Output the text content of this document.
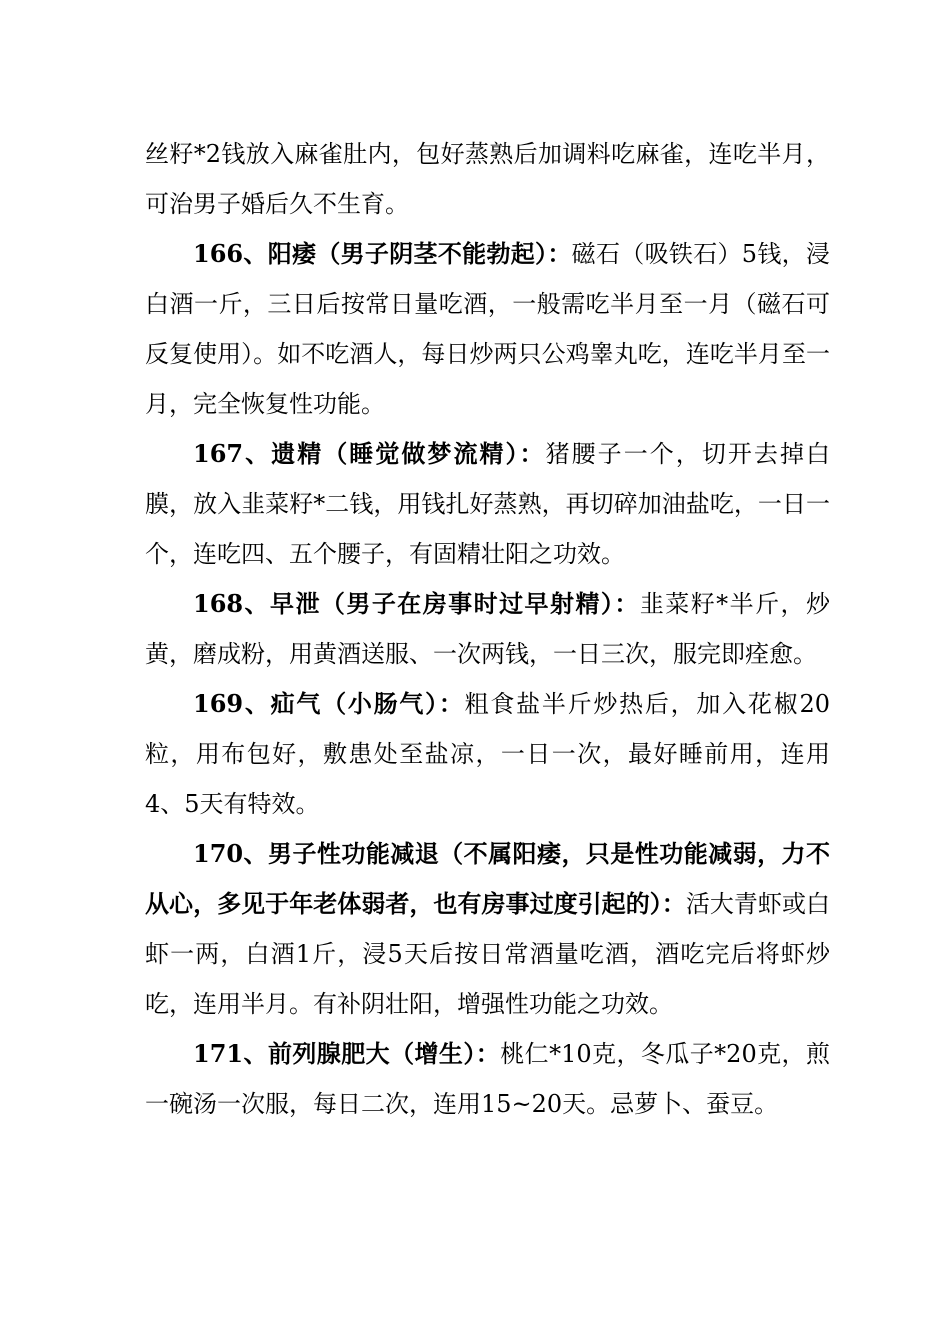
丝籽*2钱放入麻雀肚内，包好蒸熟后加调料吃麻雀，连吃半月，可治男子婚后久不生育。

166、阳痿（男子阴茎不能勃起）：磁石（吸铁石）5钱，浸白酒一斤，三日后按常日量吃酒，一般需吃半月至一月（磁石可反复使用）。如不吃酒人，每日炒两只公鸡睾丸吃，连吃半月至一月，完全恢复性功能。

167、遗精（睡觉做梦流精）：猪腰子一个，切开去掉白膜，放入韭菜籽*二钱，用钱扎好蒸熟，再切碎加油盐吃，一日一个，连吃四、五个腰子，有固精壮阳之功效。

168、早泄（男子在房事时过早射精）：韭菜籽*半斤，炒黄，磨成粉，用黄酒送服、一次两钱，一日三次，服完即痊愈。

169、疝气（小肠气）：粗食盐半斤炒热后，加入花椒20粒，用布包好，敷患处至盐凉，一日一次，最好睡前用，连用4、5天有特效。

170、男子性功能减退（不属阳痿，只是性功能减弱，力不从心，多见于年老体弱者，也有房事过度引起的）：活大青虾或白虾一两，白酒1斤，浸5天后按日常酒量吃酒，酒吃完后将虾炒吃，连用半月。有补阴壮阳，增强性功能之功效。

171、前列腺肥大（增生）：桃仁*10克，冬瓜子*20克，煎一碗汤一次服，每日二次，连用15~20天。忌萝卜、蚕豆。
